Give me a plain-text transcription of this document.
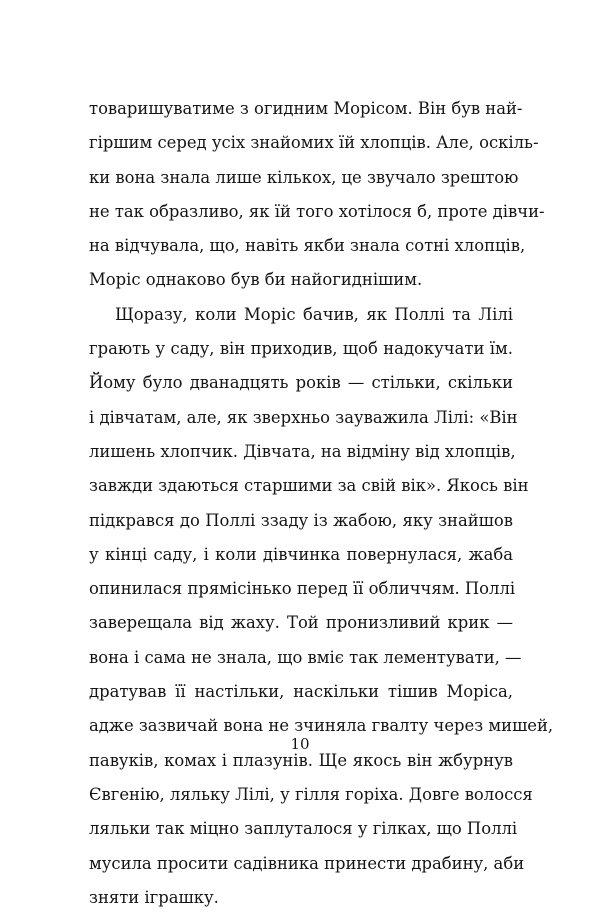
товаришуватиме з огидним Морісом. Він був най-
гіршим серед усіх знайомих їй хлопців. Але, оскіль-
ки вона знала лише кількох, це звучало зрештою
не так образливо, як їй того хотілося б, проте дівчи-
на відчувала, що, навіть якби знала сотні хлопців,
Моріс однаково був би найогиднішим.
Щоразу, коли Моріс бачив, як Поллі та Лілі
грають у саду, він приходив, щоб надокучати їм.
Йому було дванадцять років — стільки, скільки
і дівчатам, але, як зверхньо зауважила Лілі: «Він
лишень хлопчик. Дівчата, на відміну від хлопців,
завжди здаються старшими за свій вік». Якось він
підкрався до Поллі ззаду із жабою, яку знайшов
у кінці саду, і коли дівчинка повернулася, жаба
опинилася прямісінько перед її обличчям. Поллі
заверещала від жаху. Той пронизливий крик —
вона і сама не знала, що вміє так лементувати, —
дратував її настільки, наскільки тішив Моріса,
адже зазвичай вона не зчиняла гвалту через мишей,
павуків, комах і плазунів. Ще якось він жбурнув
Євгенію, ляльку Лілі, у гілля горіха. Довге волосся
ляльки так міцно заплуталося у гілках, що Поллі
мусила просити садівника принести драбину, аби
зняти іграшку.
10
